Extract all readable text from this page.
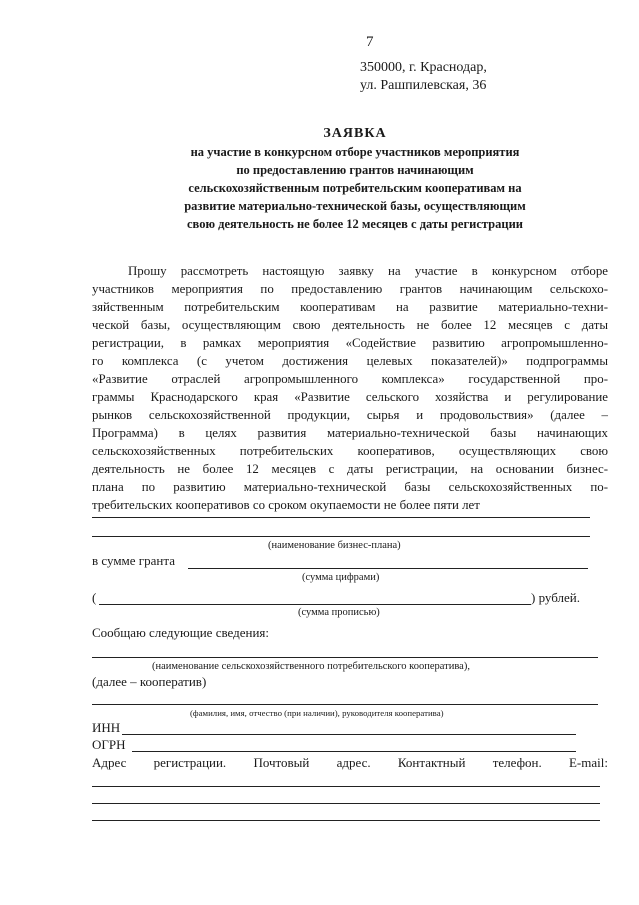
7
350000, г. Краснодар,
ул. Рашпилевская, 36
ЗАЯВКА
на участие в конкурсном отборе участников мероприятия
по предоставлению грантов начинающим
сельскохозяйственным потребительским кооперативам на
развитие материально-технической базы, осуществляющим
свою деятельность не более 12 месяцев с даты регистрации
Прошу рассмотреть настоящую заявку на участие в конкурсном отборе
участников мероприятия по предоставлению грантов начинающим сельскохо-
зяйственным потребительским кооперативам на развитие материально-техни-
ческой базы, осуществляющим свою деятельность не более 12 месяцев с даты
регистрации, в рамках мероприятия «Содействие развитию агропромышленно-
го комплекса (с учетом достижения целевых показателей)» подпрограммы
«Развитие отраслей агропромышленного комплекса» государственной про-
граммы Краснодарского края «Развитие сельского хозяйства и регулирование
рынков сельскохозяйственной продукции, сырья и продовольствия» (далее –
Программа) в целях развития материально-технической базы начинающих
сельскохозяйственных потребительских кооперативов, осуществляющих свою
деятельность не более 12 месяцев с даты регистрации, на основании бизнес-
плана по развитию материально-технической базы сельскохозяйственных по-
требительских кооперативов со сроком окупаемости не более пяти лет
(наименование бизнес-плана)
в сумме гранта
(сумма цифрами)
(	) рублей.
(сумма прописью)
Сообщаю следующие сведения:
(наименование сельскохозяйственного потребительского кооператива),
(далее – кооператив)
(фамилия, имя, отчество (при наличии), руководителя кооператива)
ИНН
ОГРН
Адрес регистрации. Почтовый адрес. Контактный телефон. E-mail:
